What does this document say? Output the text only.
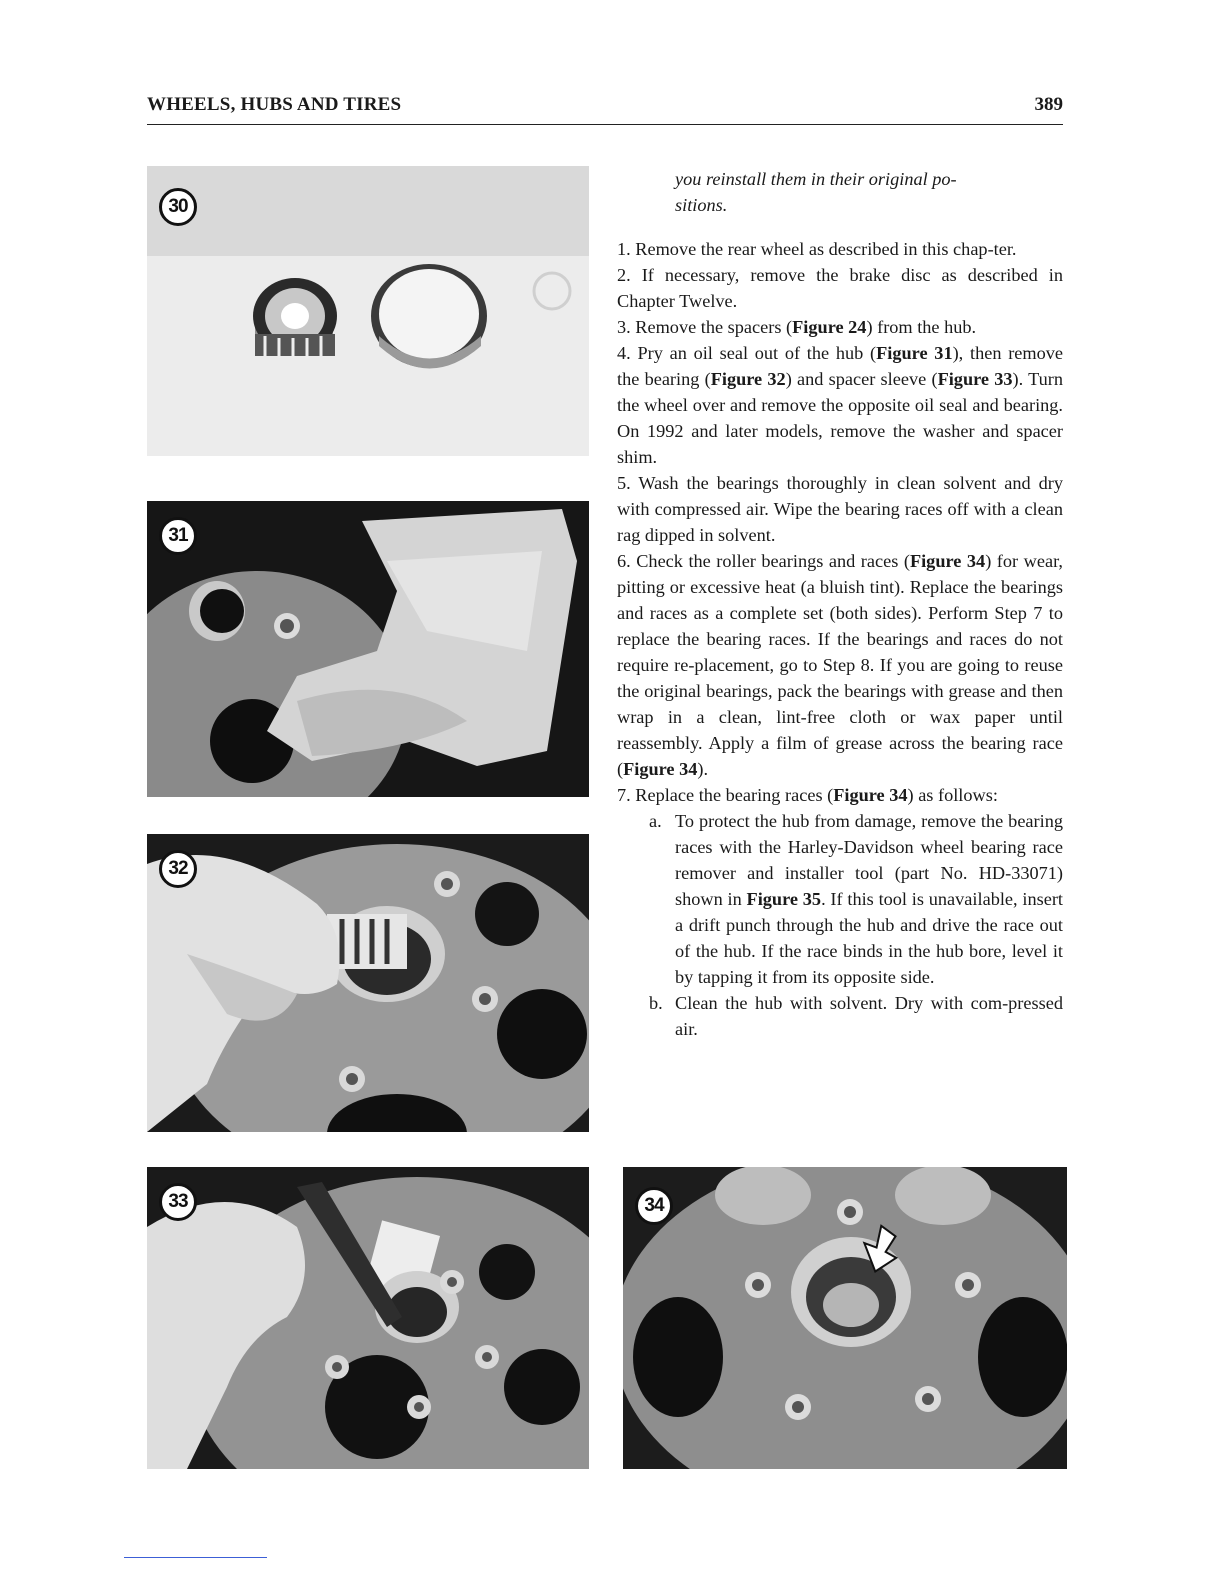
WHEELS, HUBS AND TIRES	389
30
31
32
33	34

you reinstall them in their original po-
sitions.

1. Remove the rear wheel as described in this chap-ter.

2. If necessary, remove the brake disc as described in Chapter Twelve.

3. Remove the spacers (Figure 24) from the hub.

4. Pry an oil seal out of the hub (Figure 31), then remove the bearing (Figure 32) and spacer sleeve (Figure 33). Turn the wheel over and remove the opposite oil seal and bearing. On 1992 and later models, remove the washer and spacer shim.

5. Wash the bearings thoroughly in clean solvent and dry with compressed air. Wipe the bearing races off with a clean rag dipped in solvent.

6. Check the roller bearings and races (Figure 34) for wear, pitting or excessive heat (a bluish tint). Replace the bearings and races as a complete set (both sides). Perform Step 7 to replace the bearing races. If the bearings and races do not require re-placement, go to Step 8. If you are going to reuse the original bearings, pack the bearings with grease and then wrap in a clean, lint-free cloth or wax paper until reassembly. Apply a film of grease across the bearing race (Figure 34).

7. Replace the bearing races (Figure 34) as follows:

a. To protect the hub from damage, remove the bearing races with the Harley-Davidson wheel bearing race remover and installer tool (part No. HD-33071) shown in Figure 35. If this tool is unavailable, insert a drift punch through the hub and drive the race out of the hub. If the race binds in the hub bore, level it by tapping it from its opposite side.

b. Clean the hub with solvent. Dry with com-pressed air.
